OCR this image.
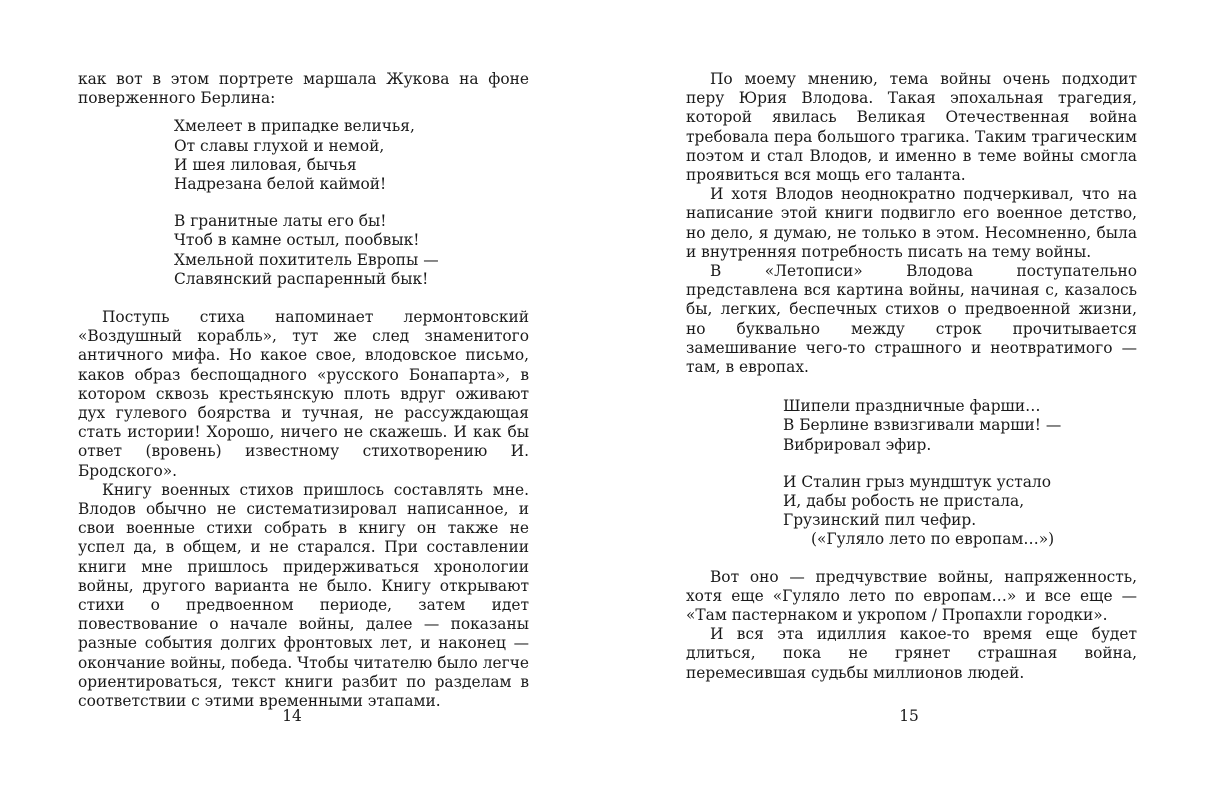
как вот в этом портрете маршала Жукова на фоне поверженного Берлина:

Хмелеет в припадке величья,
От славы глухой и немой,
И шея лиловая, бычья
Надрезана белой каймой!
В гранитные латы его бы!
Чтоб в камне остыл, пообвык!
Хмельной похититель Европы —
Славянский распаренный бык!

Поступь стиха напоминает лермонтовский «Воздушный корабль», тут же след знаменитого античного мифа. Но какое свое, влодовское письмо, каков образ беспощадного «русского Бонапарта», в котором сквозь крестьянскую плоть вдруг оживают дух гулевого боярства и тучная, не рассуждающая стать истории! Хорошо, ничего не скажешь. И как бы ответ (вровень) известному стихотворению И. Бродского».

Книгу военных стихов пришлось составлять мне. Влодов обычно не систематизировал написанное, и свои военные стихи собрать в книгу он также не успел да, в общем, и не старался. При составлении книги мне пришлось придерживаться хронологии войны, другого варианта не было. Книгу открывают стихи о предвоенном периоде, затем идет повествование о начале войны, далее — показаны разные события долгих фронтовых лет, и наконец — окончание войны, победа. Чтобы читателю было легче ориентироваться, текст книги разбит по разделам в соответствии с этими временными этапами.

14

По моему мнению, тема войны очень подходит перу Юрия Влодова. Такая эпохальная трагедия, которой явилась Великая Отечественная война требовала пера большого трагика. Таким трагическим поэтом и стал Влодов, и именно в теме войны смогла проявиться вся мощь его таланта.

И хотя Влодов неоднократно подчеркивал, что на написание этой книги подвигло его военное детство, но дело, я думаю, не только в этом. Несомненно, была и внутренняя потребность писать на тему войны.

В «Летописи» Влодова поступательно представлена вся картина войны, начиная с, казалось бы, легких, беспечных стихов о предвоенной жизни, но буквально между строк прочитывается замешивание чего-то страшного и неотвратимого — там, в европах.

Шипели праздничные фарши…
В Берлине взвизгивали марши! —
Вибрировал эфир.
И Сталин грыз мундштук устало
И, дабы робость не пристала,
Грузинский пил чефир.
(«Гуляло лето по европам…»)

Вот оно — предчувствие войны, напряженность, хотя еще «Гуляло лето по европам…» и все еще — «Там пастернаком и укропом / Пропахли городки».

И вся эта идиллия какое-то время еще будет длиться, пока не грянет страшная война, перемесившая судьбы миллионов людей.

15
